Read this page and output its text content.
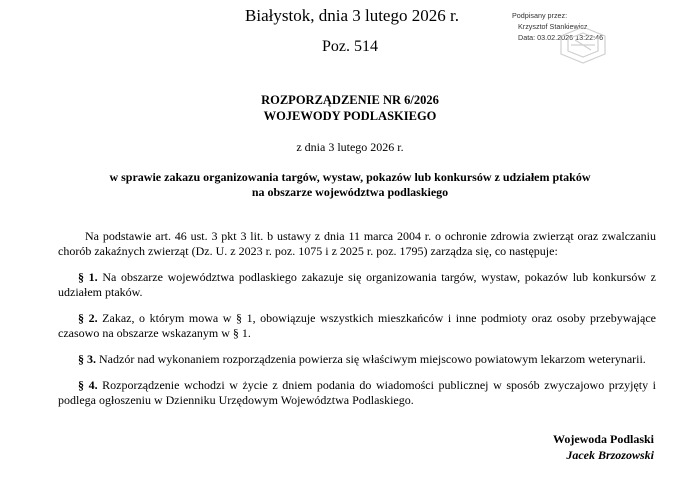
Białystok, dnia 3 lutego 2026 r.
Poz. 514
Podpisany przez:
Krzysztof Stankiewicz
Data: 03.02.2026 13:22:46
ROZPORZĄDZENIE NR 6/2026
WOJEWODY PODLASKIEGO
z dnia 3 lutego 2026 r.
w sprawie zakazu organizowania targów, wystaw, pokazów lub konkursów z udziałem ptaków
na obszarze województwa podlaskiego

Na podstawie art. 46 ust. 3 pkt 3 lit. b ustawy z dnia 11 marca 2004 r. o ochronie zdrowia zwierząt oraz zwalczaniu chorób zakaźnych zwierząt (Dz. U. z 2023 r. poz. 1075 i z 2025 r. poz. 1795) zarządza się, co następuje:

§ 1. Na obszarze województwa podlaskiego zakazuje się organizowania targów, wystaw, pokazów lub konkursów z udziałem ptaków.

§ 2. Zakaz, o którym mowa w § 1, obowiązuje wszystkich mieszkańców i inne podmioty oraz osoby przebywające czasowo na obszarze wskazanym w § 1.

§ 3. Nadzór nad wykonaniem rozporządzenia powierza się właściwym miejscowo powiatowym lekarzom weterynarii.

§ 4. Rozporządzenie wchodzi w życie z dniem podania do wiadomości publicznej w sposób zwyczajowo przyjęty i podlega ogłoszeniu w Dzienniku Urzędowym Województwa Podlaskiego.

Wojewoda Podlaski
Jacek Brzozowski
